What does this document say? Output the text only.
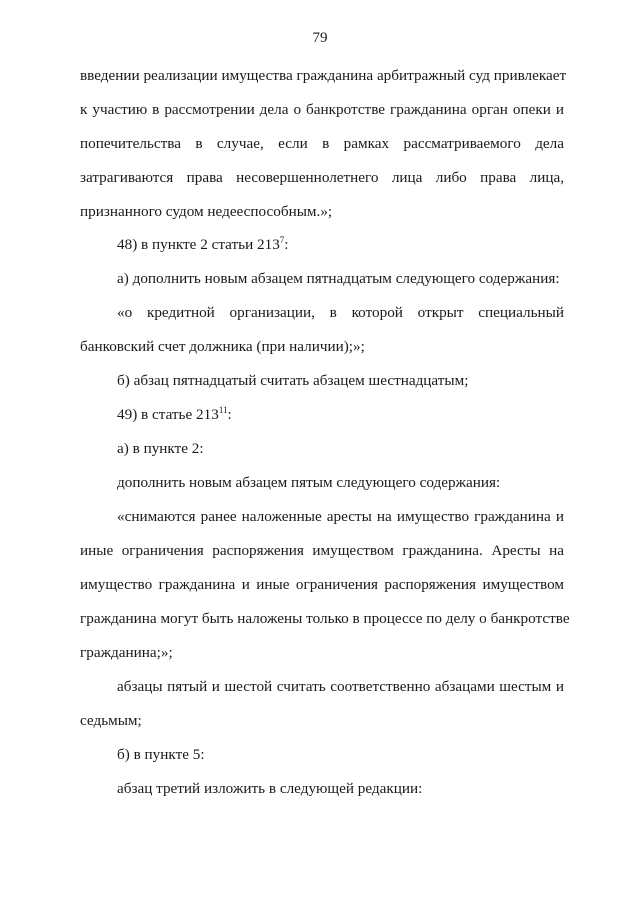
79
введении реализации имущества гражданина арбитражный суд привлекает
к участию в рассмотрении дела о банкротстве гражданина орган опеки и
попечительства в случае, если в рамках рассматриваемого дела
затрагиваются права несовершеннолетнего лица либо права лица,
признанного судом недееспособным.»;
48) в пункте 2 статьи $213^7$:
а) дополнить новым абзацем пятнадцатым следующего содержания:
«о кредитной организации, в которой открыт специальный
банковский счет должника (при наличии);»;
б) абзац пятнадцатый считать абзацем шестнадцатым;
49) в статье $213^{11}$:
а) в пункте 2:
дополнить новым абзацем пятым следующего содержания:
«снимаются ранее наложенные аресты на имущество гражданина и
иные ограничения распоряжения имуществом гражданина. Аресты на
имущество гражданина и иные ограничения распоряжения имуществом
гражданина могут быть наложены только в процессе по делу о банкротстве
гражданина;»;
абзацы пятый и шестой считать соответственно абзацами шестым и
седьмым;
б) в пункте 5:
абзац третий изложить в следующей редакции:
